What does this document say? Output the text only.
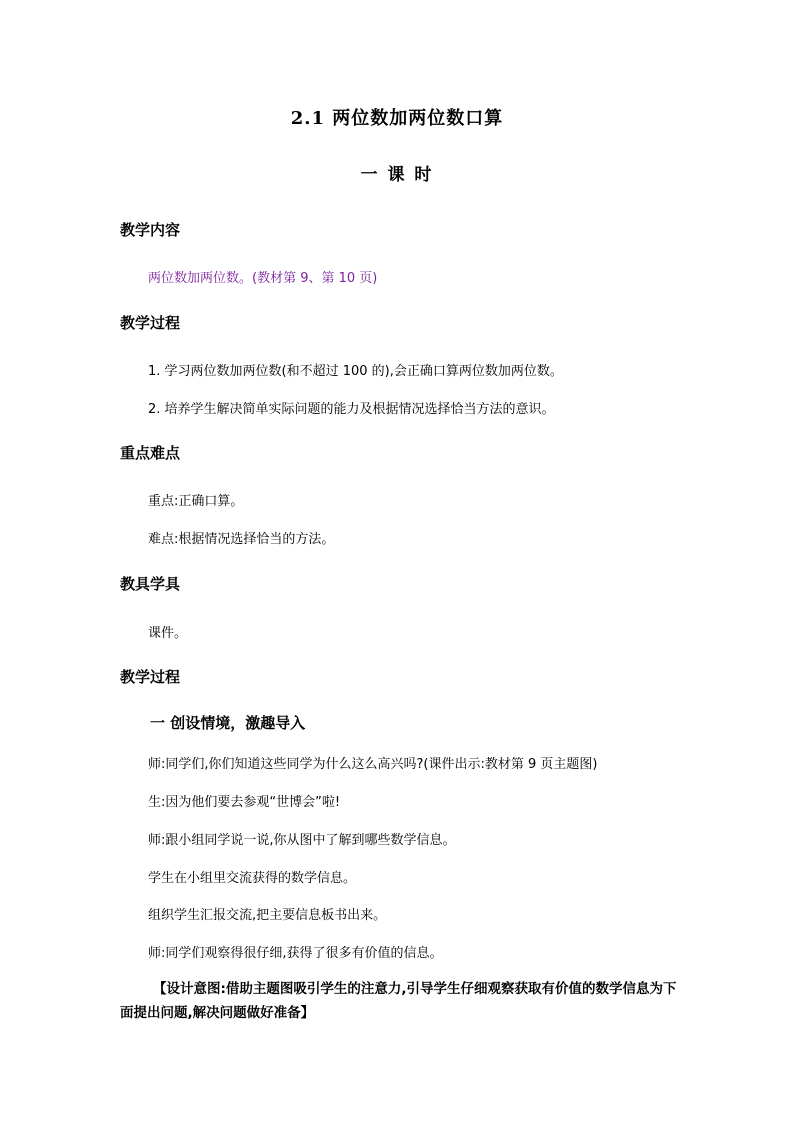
2.1 两位数加两位数口算
一 课 时
教学内容
两位数加两位数。(教材第 9、第 10 页)
教学过程
1. 学习两位数加两位数(和不超过 100 的),会正确口算两位数加两位数。
2. 培养学生解决简单实际问题的能力及根据情况选择恰当方法的意识。
重点难点
重点:正确口算。
难点:根据情况选择恰当的方法。
教具学具
课件。
教学过程
一 创设情境，激趣导入
师:同学们,你们知道这些同学为什么这么高兴吗?(课件出示:教材第 9 页主题图)
生:因为他们要去参观“世博会”啦!
师:跟小组同学说一说,你从图中了解到哪些数学信息。
学生在小组里交流获得的数学信息。
组织学生汇报交流,把主要信息板书出来。
师:同学们观察得很仔细,获得了很多有价值的信息。
【设计意图:借助主题图吸引学生的注意力,引导学生仔细观察获取有价值的数学信息为下面提出问题,解决问题做好准备】
